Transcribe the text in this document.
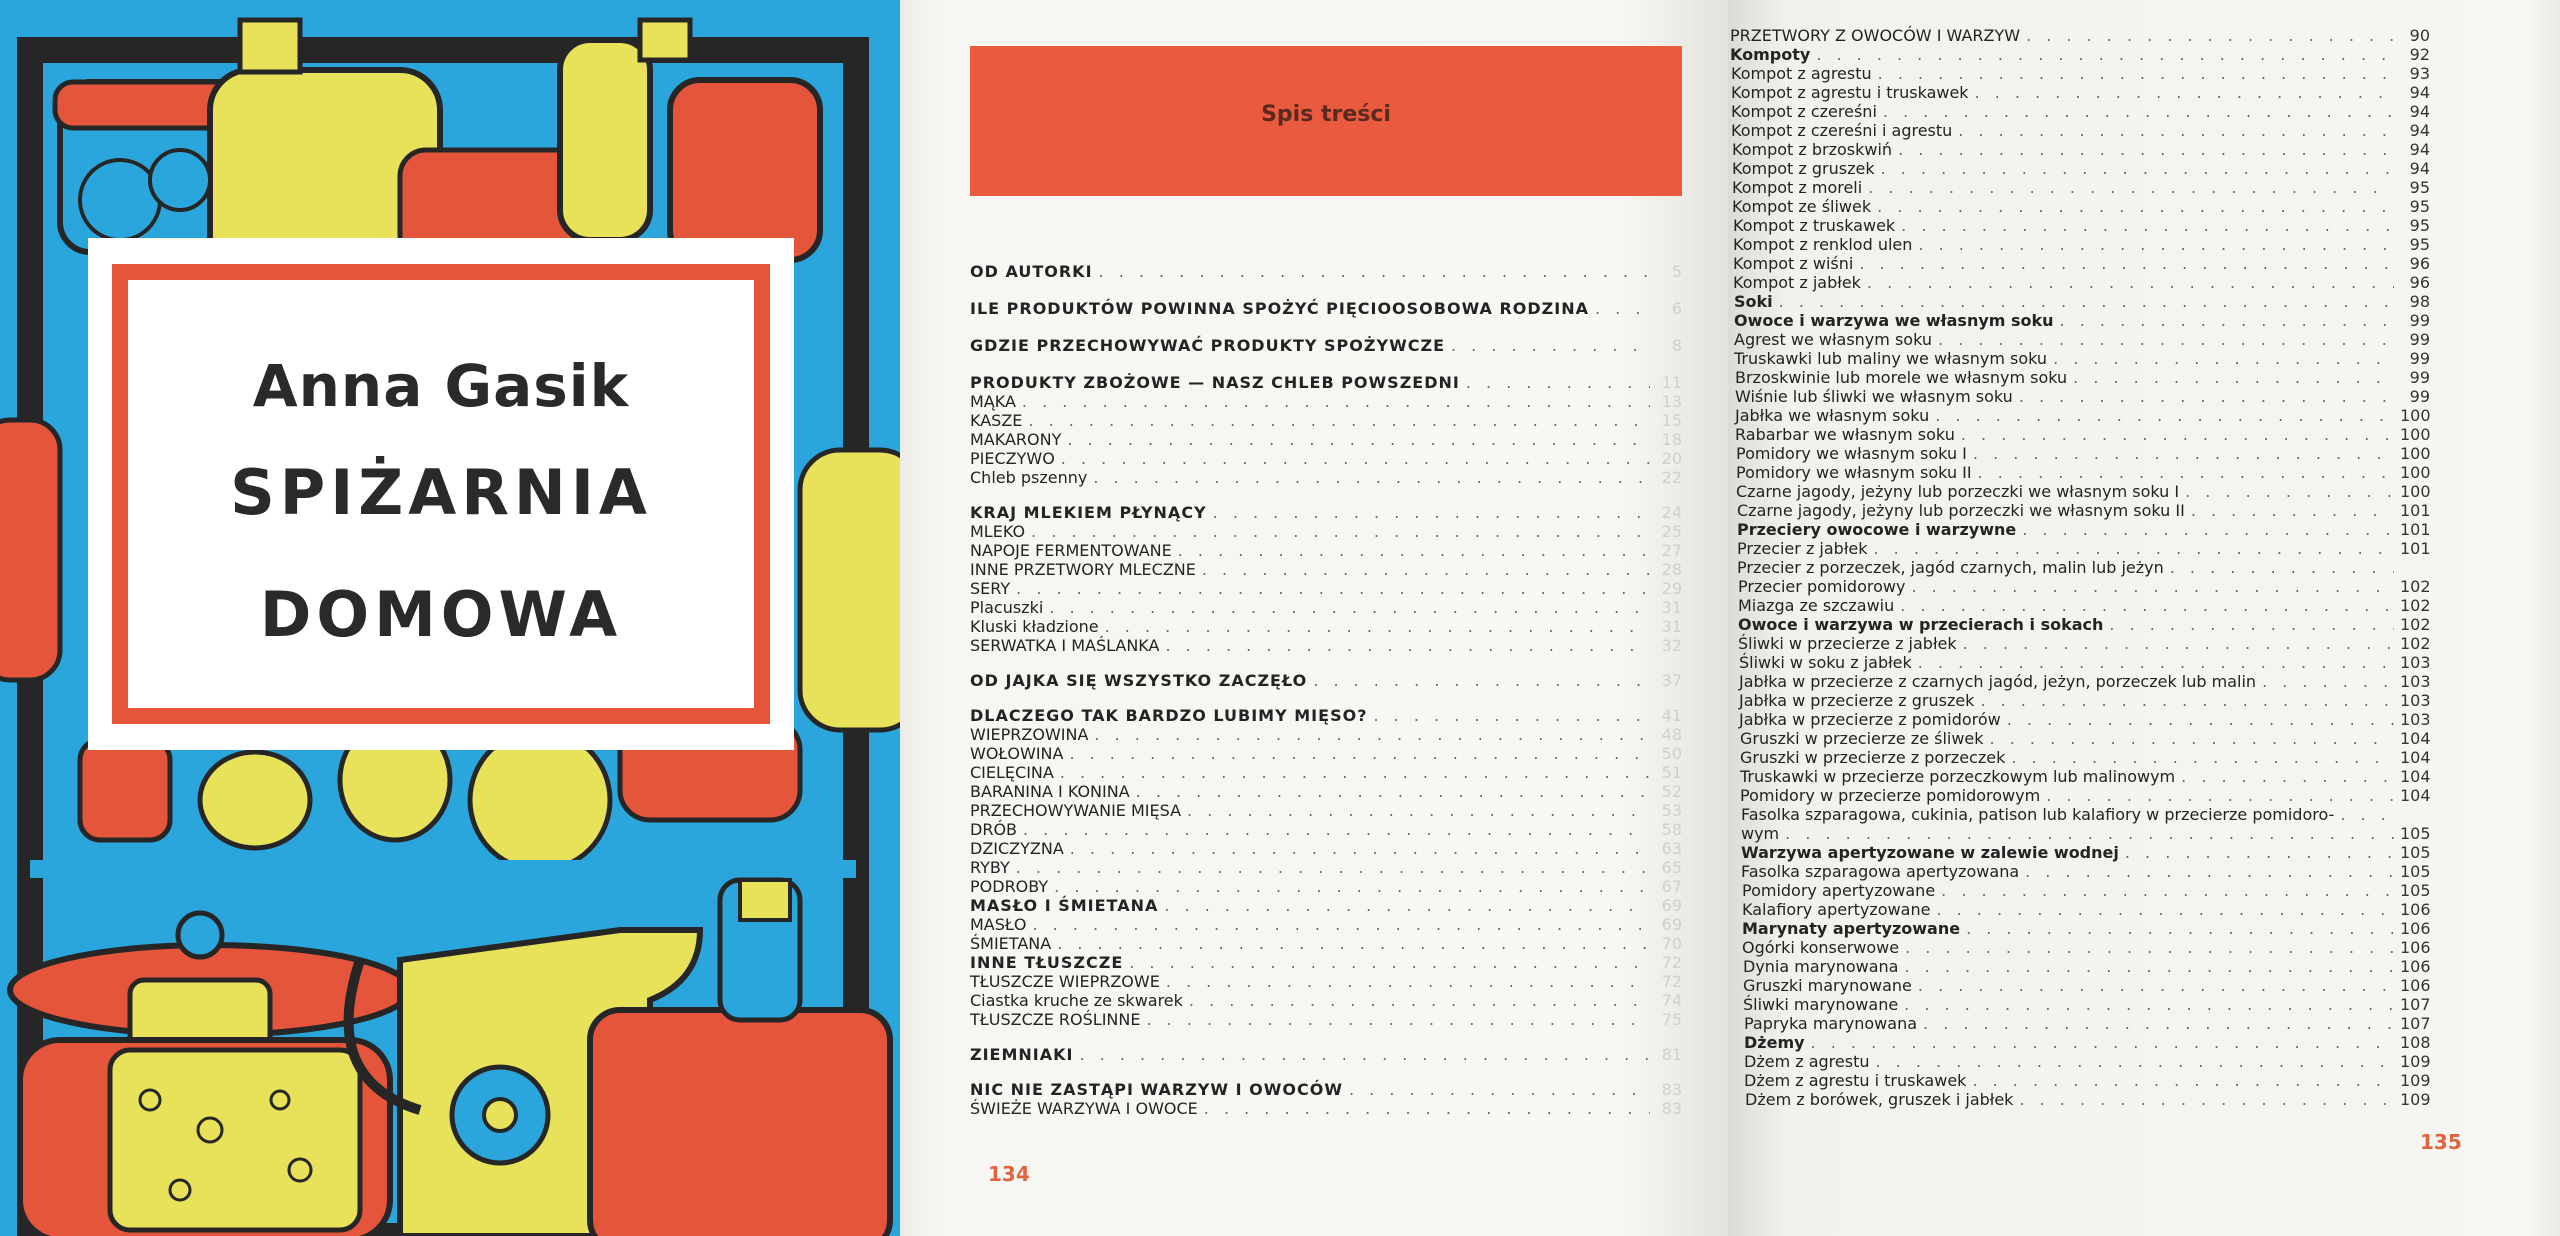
Anna Gasik
SPIŻARNIA
DOMOWA
Spis treści
OD AUTORKI . . .	5
ILE PRODUKTÓW POWINNA SPOŻYĆ PIĘCIOOSOBOWA RODZINA . . .	6
GDZIE PRZECHOWYWAĆ PRODUKTY SPOŻYWCZE . . .	8
PRODUKTY ZBOŻOWE — NASZ CHLEB POWSZEDNI . . .	11
MĄKA . . .	13
KASZE . . .	15
MAKARONY . . .	18
PIECZYWO . . .	20
Chleb pszenny . . .	22
KRAJ MLEKIEM PŁYNĄCY . . .	24
MLEKO . . .	25
NAPOJE FERMENTOWANE . . .	27
INNE PRZETWORY MLECZNE . . .	28
SERY . . .	29
Placuszki . . .	31
Kluski kładzione . . .	31
SERWATKA I MAŚLANKA . . .	32
OD JAJKA SIĘ WSZYSTKO ZACZĘŁO . . .	37
DLACZEGO TAK BARDZO LUBIMY MIĘSO? . . .	41
WIEPRZOWINA . . .	48
WOŁOWINA . . .	50
CIELĘCINA . . .	51
BARANINA I KONINA . . .	52
PRZECHOWYWANIE MIĘSA . . .	53
DRÓB . . .	58
DZICZYZNA . . .	63
RYBY . . .	65
PODROBY . . .	67
MASŁO I ŚMIETANA . . .	69
MASŁO . . .	69
ŚMIETANA . . .	70
INNE TŁUSZCZE . . .	72
TŁUSZCZE WIEPRZOWE . . .	72
Ciastka kruche ze skwarek . . .	74
TŁUSZCZE ROŚLINNE . . .	75
ZIEMNIAKI . . .	81
NIC NIE ZASTĄPI WARZYW I OWOCÓW . . .	83
ŚWIEŻE WARZYWA I OWOCE . . .	83
134
PRZETWORY Z OWOCÓW I WARZYW . . .	90
Kompoty . . .	92
Kompot z agrestu . . .	93
Kompot z agrestu i truskawek . . .	94
Kompot z czereśni . . .	94
Kompot z czereśni i agrestu . . .	94
Kompot z brzoskwiń . . .	94
Kompot z gruszek . . .	94
Kompot z moreli . . .	95
Kompot ze śliwek . . .	95
Kompot z truskawek . . .	95
Kompot z renklod ulen . . .	95
Kompot z wiśni . . .	96
Kompot z jabłek . . .	96
Soki . . .	98
Owoce i warzywa we własnym soku . . .	99
Agrest we własnym soku . . .	99
Truskawki lub maliny we własnym soku . . .	99
Brzoskwinie lub morele we własnym soku . . .	99
Wiśnie lub śliwki we własnym soku . . .	99
Jabłka we własnym soku . . .	100
Rabarbar we własnym soku . . .	100
Pomidory we własnym soku I . . .	100
Pomidory we własnym soku II . . .	100
Czarne jagody, jeżyny lub porzeczki we własnym soku I . . .	100
Czarne jagody, jeżyny lub porzeczki we własnym soku II . . .	101
Przeciery owocowe i warzywne . . .	101
Przecier z jabłek . . .	101
Przecier z porzeczek, jagód czarnych, malin lub jeżyn
. . .
Przecier pomidorowy . . .	102
Miazga ze szczawiu . . .	102
Owoce i warzywa w przecierach i sokach . . .	102
Śliwki w przecierze z jabłek . . .	102
Śliwki w soku z jabłek . . .	103
Jabłka w przecierze z czarnych jagód, jeżyn, porzeczek lub malin . . .	103
Jabłka w przecierze z gruszek . . .	103
Jabłka w przecierze z pomidorów . . .	103
Gruszki w przecierze ze śliwek . . .	104
Gruszki w przecierze z porzeczek . . .	104
Truskawki w przecierze porzeczkowym lub malinowym . . .	104
Pomidory w przecierze pomidorowym . . .	104
Fasolka szparagowa, cukinia, patison lub kalafiory w przecierze pomidoro-
. . .
wym . . .	105
Warzywa apertyzowane w zalewie wodnej . . .	105
Fasolka szparagowa apertyzowana . . .	105
Pomidory apertyzowane . . .	105
Kalafiory apertyzowane . . .	106
Marynaty apertyzowane . . .	106
Ogórki konserwowe . . .	106
Dynia marynowana . . .	106
Gruszki marynowane . . .	106
Śliwki marynowane . . .	107
Papryka marynowana . . .	107
Dżemy . . .	108
Dżem z agrestu . . .	109
Dżem z agrestu i truskawek . . .	109
Dżem z borówek, gruszek i jabłek . . .	109
135
